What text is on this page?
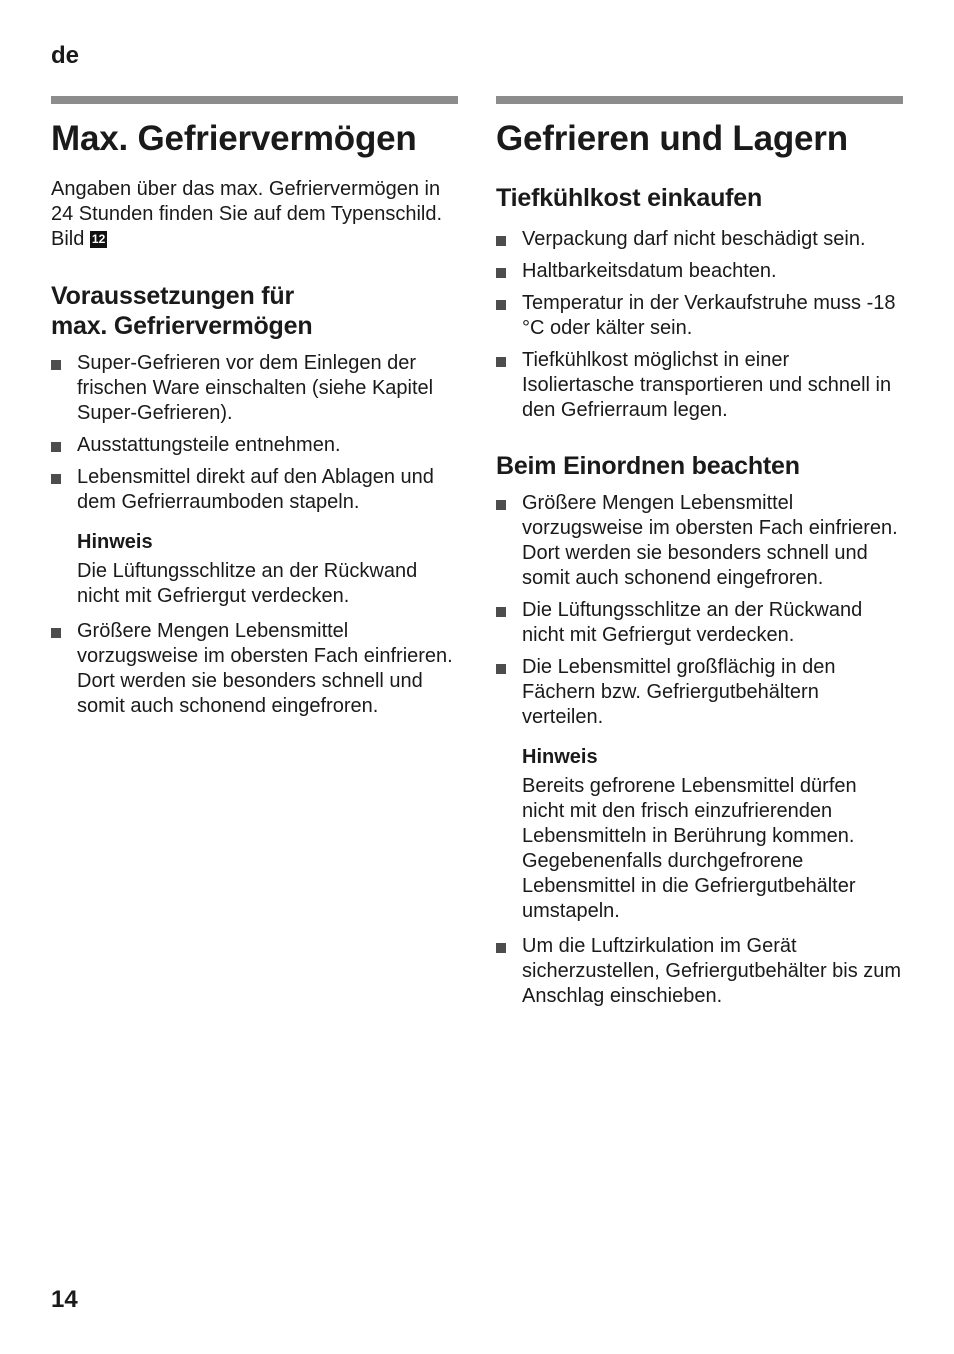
de
Max. Gefriervermögen

Angaben über das max. Gefriervermögen in 24 Stunden finden Sie auf dem Typenschild. Bild 12

Voraussetzungen für max. Gefriervermögen
Super-Gefrieren vor dem Einlegen der frischen Ware einschalten (siehe Kapitel Super-Gefrieren).
Ausstattungsteile entnehmen.
Lebensmittel direkt auf den Ablagen und dem Gefrierraumboden stapeln.
Hinweis

Die Lüftungsschlitze an der Rückwand nicht mit Gefriergut verdecken.

Größere Mengen Lebensmittel vorzugsweise im obersten Fach einfrieren. Dort werden sie besonders schnell und somit auch schonend eingefroren.
Gefrieren und Lagern
Tiefkühlkost einkaufen
Verpackung darf nicht beschädigt sein.
Haltbarkeitsdatum beachten.
Temperatur in der Verkaufstruhe muss -18 °C oder kälter sein.
Tiefkühlkost möglichst in einer Isoliertasche transportieren und schnell in den Gefrierraum legen.
Beim Einordnen beachten
Größere Mengen Lebensmittel vorzugsweise im obersten Fach einfrieren. Dort werden sie besonders schnell und somit auch schonend eingefroren.
Die Lüftungsschlitze an der Rückwand nicht mit Gefriergut verdecken.
Die Lebensmittel großflächig in den Fächern bzw. Gefriergutbehältern verteilen.
Hinweis

Bereits gefrorene Lebensmittel dürfen nicht mit den frisch einzufrierenden Lebensmitteln in Berührung kommen. Gegebenenfalls durchgefrorene Lebensmittel in die Gefriergutbehälter umstapeln.

Um die Luftzirkulation im Gerät sicherzustellen, Gefriergutbehälter bis zum Anschlag einschieben.
14
